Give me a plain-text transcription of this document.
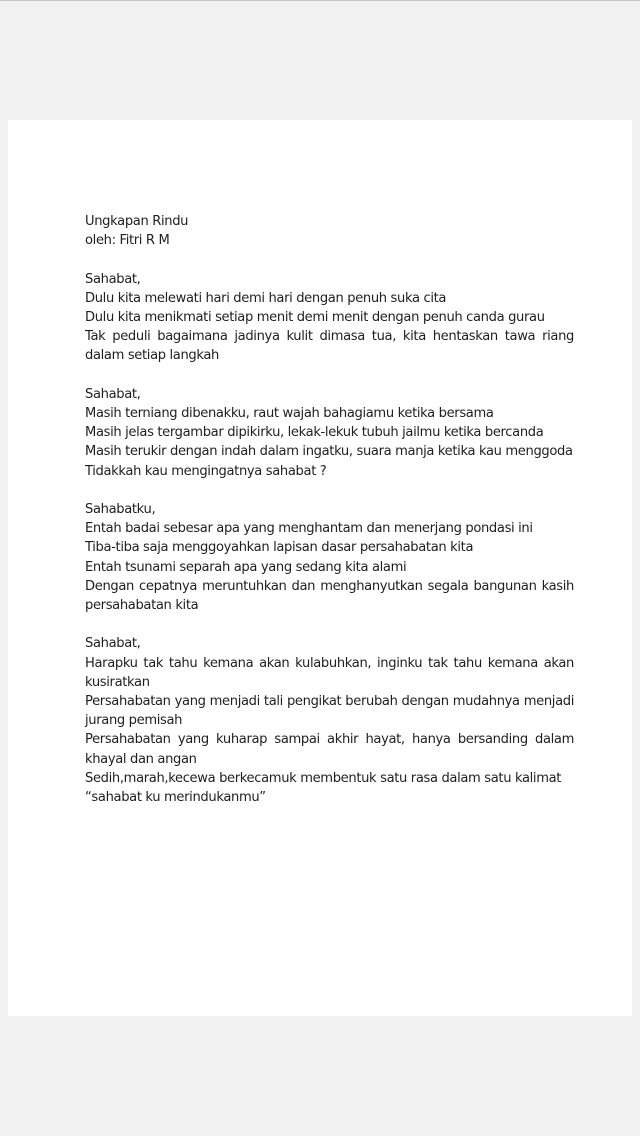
Ungkapan Rindu
oleh: Fitri R M
Sahabat,
Dulu kita melewati hari demi hari dengan penuh suka cita
Dulu kita menikmati setiap menit demi menit dengan penuh canda gurau

Tak peduli bagaimana jadinya kulit dimasa tua, kita hentaskan tawa riang dalam setiap langkah

Sahabat,
Masih terniang dibenakku, raut wajah bahagiamu ketika bersama
Masih jelas tergambar dipikirku, lekak-lekuk tubuh jailmu ketika bercanda
Masih terukir dengan indah dalam ingatku, suara manja ketika kau menggoda
Tidakkah kau mengingatnya sahabat ?
Sahabatku,
Entah badai sebesar apa yang menghantam dan menerjang pondasi ini
Tiba-tiba saja menggoyahkan lapisan dasar persahabatan kita
Entah tsunami separah apa yang sedang kita alami

Dengan cepatnya meruntuhkan dan menghanyutkan segala bangunan kasih persahabatan kita

Sahabat,

Harapku tak tahu kemana akan kulabuhkan, inginku tak tahu kemana akan kusiratkan

Persahabatan yang menjadi tali pengikat berubah dengan mudahnya menjadi jurang pemisah

Persahabatan yang kuharap sampai akhir hayat, hanya bersanding dalam khayal dan angan

Sedih,marah,kecewa berkecamuk membentuk satu rasa dalam satu kalimat
“sahabat ku merindukanmu”
